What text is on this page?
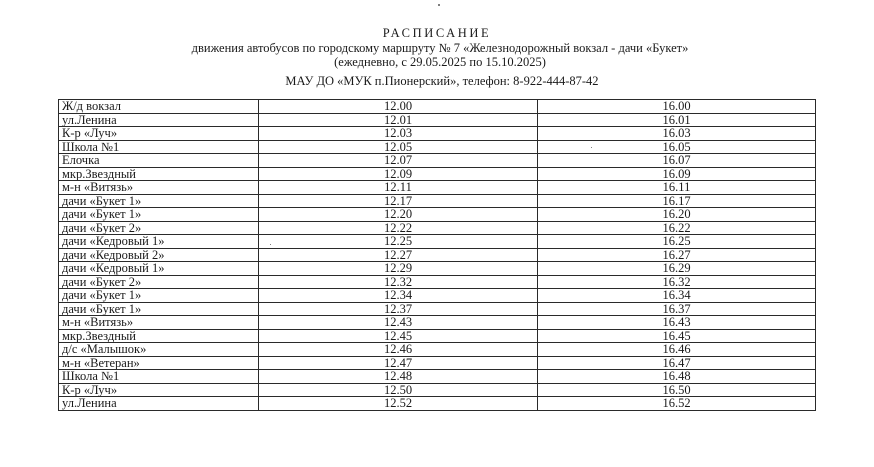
РАСПИСАНИЕ
движения автобусов по городскому маршруту № 7 «Железнодорожный вокзал - дачи «Букет»
(ежедневно, с 29.05.2025 по 15.10.2025)
МАУ ДО «МУК п.Пионерский», телефон: 8-922-444-87-42
Ж/д вокзал	12.00	16.00
ул.Ленина	12.01	16.01
К-р «Луч»	12.03	16.03
Школа №1	12.05	16.05
Елочка	12.07	16.07
мкр.Звездный	12.09	16.09
м-н «Витязь»	12.11	16.11
дачи «Букет 1»	12.17	16.17
дачи «Букет 1»	12.20	16.20
дачи «Букет 2»	12.22	16.22
дачи «Кедровый 1»	12.25	16.25
дачи «Кедровый 2»	12.27	16.27
дачи «Кедровый 1»	12.29	16.29
дачи «Букет 2»	12.32	16.32
дачи «Букет 1»	12.34	16.34
дачи «Букет 1»	12.37	16.37
м-н «Витязь»	12.43	16.43
мкр.Звездный	12.45	16.45
д/с «Малышок»	12.46	16.46
м-н «Ветеран»	12.47	16.47
Школа №1	12.48	16.48
К-р «Луч»	12.50	16.50
ул.Ленина	12.52	16.52
